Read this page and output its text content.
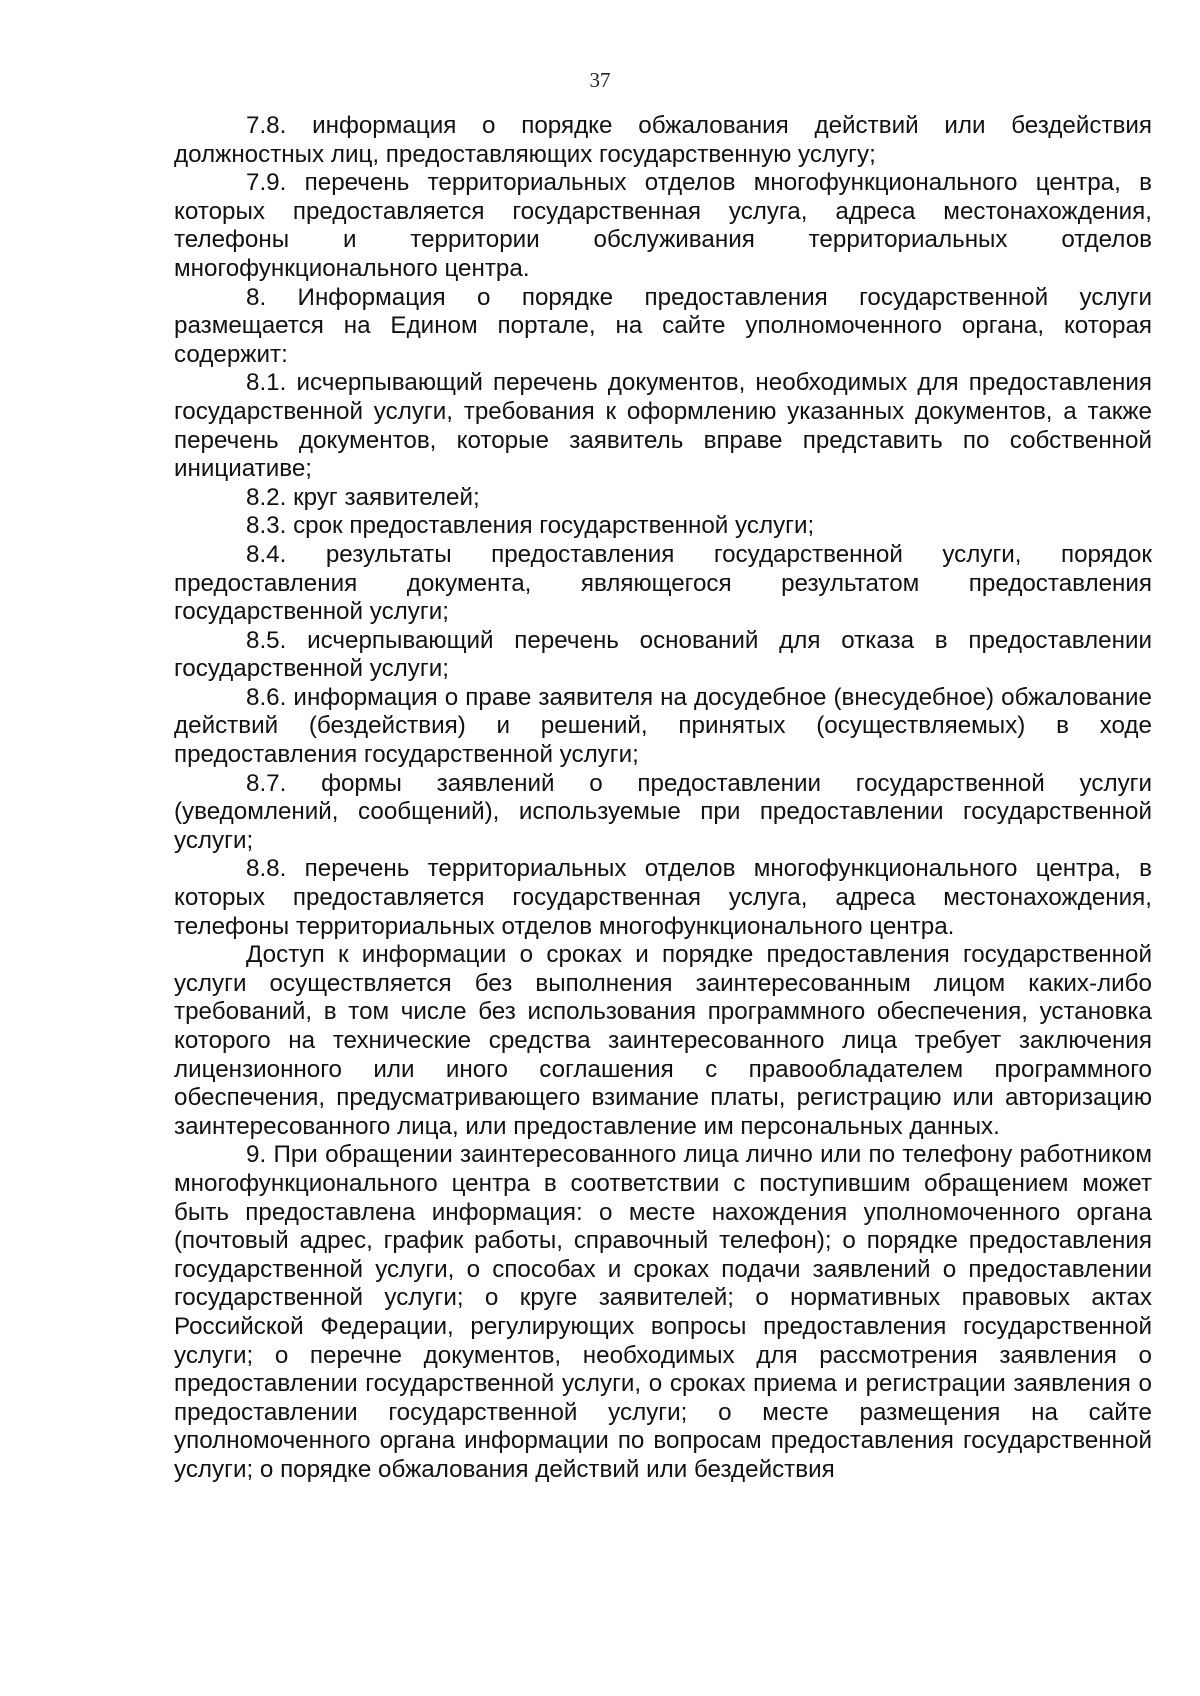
37

7.8. информация о порядке обжалования действий или бездействия должностных лиц, предоставляющих государственную услугу;

7.9. перечень территориальных отделов многофункционального центра, в которых предоставляется государственная услуга, адреса местонахождения, телефоны и территории обслуживания территориальных отделов многофункционального центра.

8. Информация о порядке предоставления государственной услуги размещается на Едином портале, на сайте уполномоченного органа, которая содержит:

8.1. исчерпывающий перечень документов, необходимых для предоставления государственной услуги, требования к оформлению указанных документов, а также перечень документов, которые заявитель вправе представить по собственной инициативе;

8.2. круг заявителей;

8.3. срок предоставления государственной услуги;

8.4. результаты предоставления государственной услуги, порядок предоставления документа, являющегося результатом предоставления государственной услуги;

8.5. исчерпывающий перечень оснований для отказа в предоставлении государственной услуги;

8.6. информация о праве заявителя на досудебное (внесудебное) обжалование действий (бездействия) и решений, принятых (осуществляемых) в ходе предоставления государственной услуги;

8.7. формы заявлений о предоставлении государственной услуги (уведомлений, сообщений), используемые при предоставлении государственной услуги;

8.8. перечень территориальных отделов многофункционального центра, в которых предоставляется государственная услуга, адреса местонахождения, телефоны территориальных отделов многофункционального центра.

Доступ к информации о сроках и порядке предоставления государственной услуги осуществляется без выполнения заинтересованным лицом каких-либо требований, в том числе без использования программного обеспечения, установка которого на технические средства заинтересованного лица требует заключения лицензионного или иного соглашения с правообладателем программного обеспечения, предусматривающего взимание платы, регистрацию или авторизацию заинтересованного лица, или предоставление им персональных данных.

9. При обращении заинтересованного лица лично или по телефону работником многофункционального центра в соответствии с поступившим обращением может быть предоставлена информация: о месте нахождения уполномоченного органа (почтовый адрес, график работы, справочный телефон); о порядке предоставления государственной услуги, о способах и сроках подачи заявлений о предоставлении государственной услуги; о круге заявителей; о нормативных правовых актах Российской Федерации, регулирующих вопросы предоставления государственной услуги; о перечне документов, необходимых для рассмотрения заявления о предоставлении государственной услуги, о сроках приема и регистрации заявления о предоставлении государственной услуги; о месте размещения на сайте уполномоченного органа информации по вопросам предоставления государственной услуги; о порядке обжалования действий или бездействия
